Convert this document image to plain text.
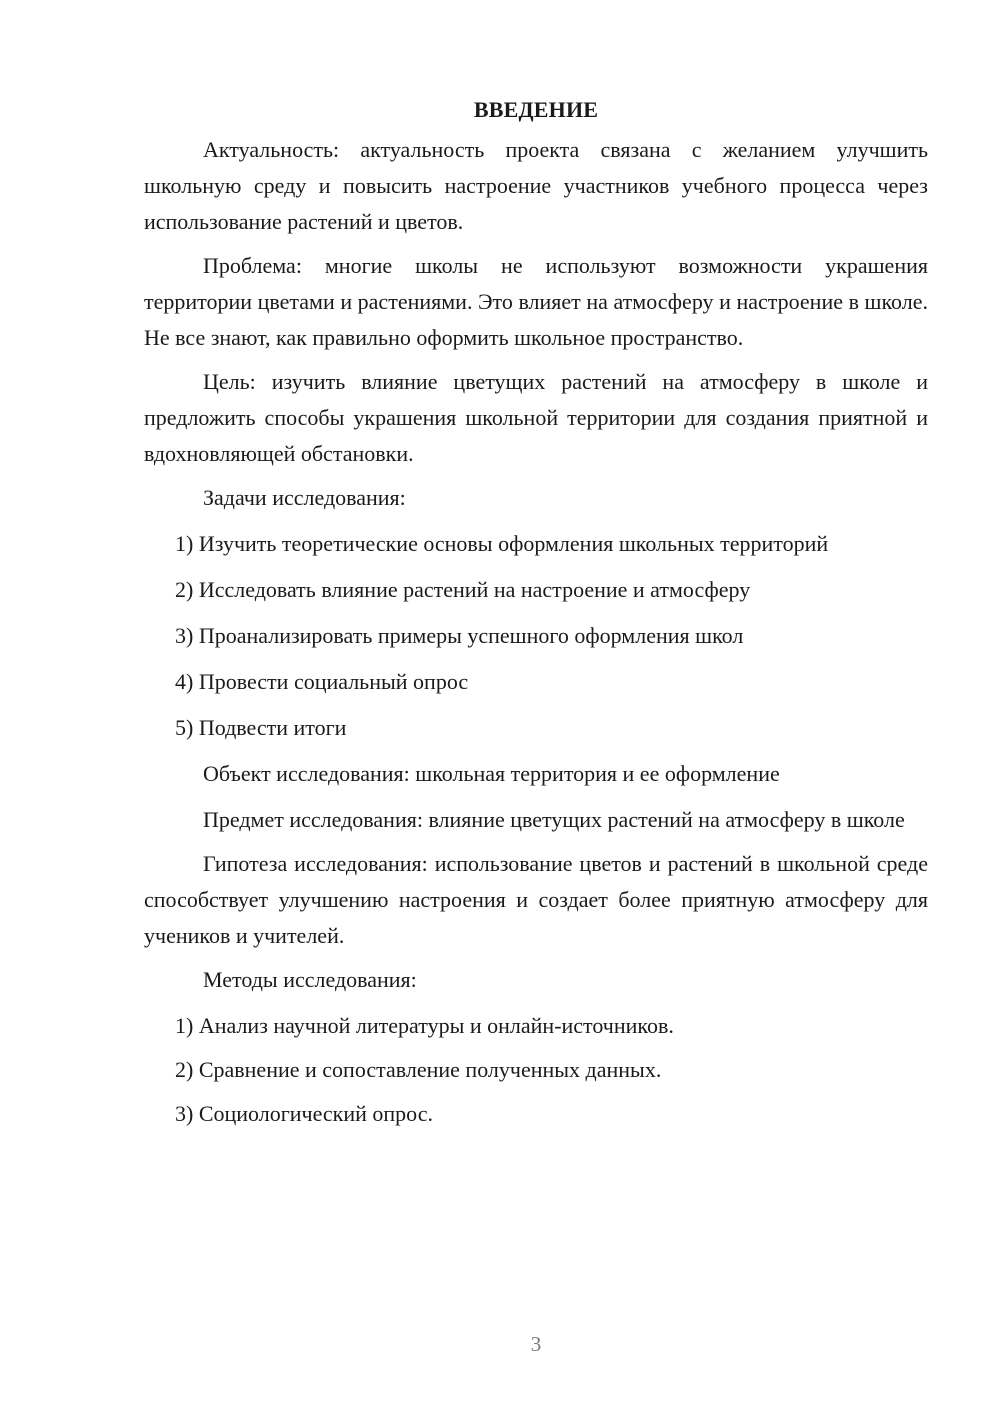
ВВЕДЕНИЕ

Актуальность: актуальность проекта связана с желанием улучшить школьную среду и повысить настроение участников учебного процесса через использование растений и цветов.

Проблема: многие школы не используют возможности украшения территории цветами и растениями. Это влияет на атмосферу и настроение в школе. Не все знают, как правильно оформить школьное пространство.

Цель: изучить влияние цветущих растений на атмосферу в школе и предложить способы украшения школьной территории для создания приятной и вдохновляющей обстановки.

Задачи исследования:

1) Изучить теоретические основы оформления школьных территорий
2) Исследовать влияние растений на настроение и атмосферу
3) Проанализировать примеры успешного оформления школ
4) Провести социальный опрос
5) Подвести итоги

Объект исследования: школьная территория и ее оформление

Предмет исследования: влияние цветущих растений на атмосферу в школе

Гипотеза исследования: использование цветов и растений в школьной среде способствует улучшению настроения и создает более приятную атмосферу для учеников и учителей.

Методы исследования:

1) Анализ научной литературы и онлайн-источников.
2) Сравнение и сопоставление полученных данных.
3) Социологический опрос.
3
